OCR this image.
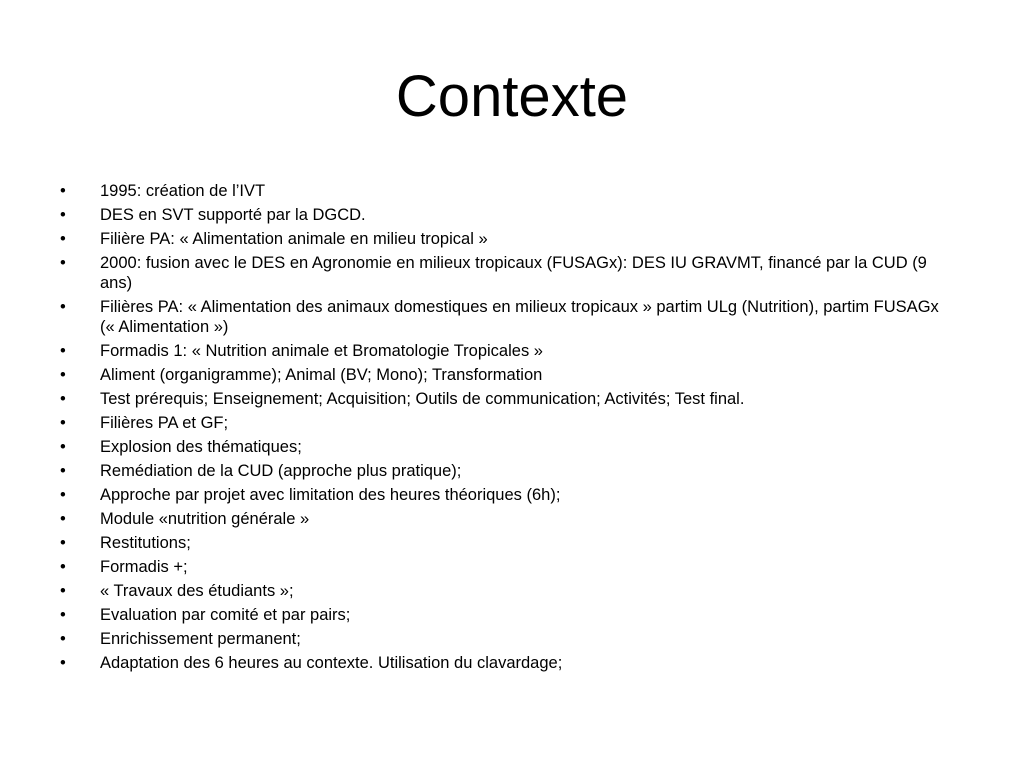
Contexte
•	1995: création de l’IVT
•	DES en SVT supporté par la DGCD.
•	Filière PA: « Alimentation animale en milieu tropical »
•	2000: fusion avec le DES en Agronomie en milieux tropicaux (FUSAGx): DES IU GRAVMT, financé par la CUD (9 ans)
•	Filières PA: « Alimentation des animaux domestiques en milieux tropicaux » partim ULg (Nutrition), partim FUSAGx (« Alimentation »)
•	Formadis 1: « Nutrition animale et Bromatologie Tropicales »
•	Aliment (organigramme); Animal (BV; Mono); Transformation
•	Test prérequis; Enseignement; Acquisition; Outils de communication; Activités; Test final.
•	Filières PA et GF;
•	Explosion des thématiques;
•	Remédiation de la CUD (approche plus pratique);
•	Approche par projet avec limitation des heures théoriques (6h);
•	Module «nutrition générale »
•	Restitutions;
•	Formadis +;
•	« Travaux des étudiants »;
•	Evaluation par comité et par pairs;
•	Enrichissement permanent;
•	Adaptation des 6 heures au contexte. Utilisation du clavardage;
